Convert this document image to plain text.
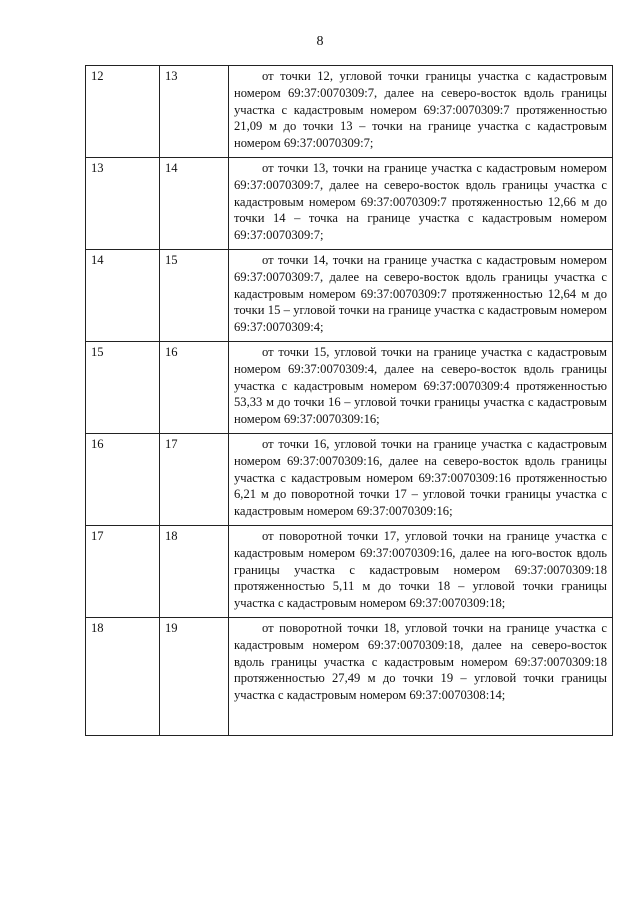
8
12	13	от точки 12, угловой точки границы участка с кадастровым номером 69:37:0070309:7, далее на северо-восток вдоль границы участка с кадастровым номером 69:37:0070309:7 протяженностью 21,09 м до точки 13 – точки на границе участка с кадастровым номером 69:37:0070309:7;
13	14	от точки 13, точки на границе участка с кадастровым номером 69:37:0070309:7, далее на северо-восток вдоль границы участка с кадастровым номером 69:37:0070309:7 протяженностью 12,66 м до точки 14 – точка на границе участка с кадастровым номером 69:37:0070309:7;
14	15	от точки 14, точки на границе участка с кадастровым номером 69:37:0070309:7, далее на северо-восток вдоль границы участка с кадастровым номером 69:37:0070309:7 протяженностью 12,64 м до точки 15 – угловой точки на границе участка с кадастровым номером 69:37:0070309:4;
15	16	от точки 15, угловой точки на границе участка с кадастровым номером 69:37:0070309:4, далее на северо-восток вдоль границы участка с кадастровым номером 69:37:0070309:4 протяженностью 53,33 м до точки 16 – угловой точки границы участка с кадастровым номером 69:37:0070309:16;
16	17	от точки 16, угловой точки на границе участка с кадастровым номером 69:37:0070309:16, далее на северо-восток вдоль границы участка с кадастровым номером 69:37:0070309:16 протяженностью 6,21 м до поворотной точки 17 – угловой точки границы участка с кадастровым номером 69:37:0070309:16;
17	18	от поворотной точки 17, угловой точки на границе участка с кадастровым номером 69:37:0070309:16, далее на юго-восток вдоль границы участка с кадастровым номером 69:37:0070309:18 протяженностью 5,11 м до точки 18 – угловой точки границы участка с кадастровым номером 69:37:0070309:18;
18	19	от поворотной точки 18, угловой точки на границе участка с кадастровым номером 69:37:0070309:18, далее на северо-восток вдоль границы участка с кадастровым номером 69:37:0070309:18 протяженностью 27,49 м до точки 19 – угловой точки границы участка с кадастровым номером 69:37:0070308:14;
